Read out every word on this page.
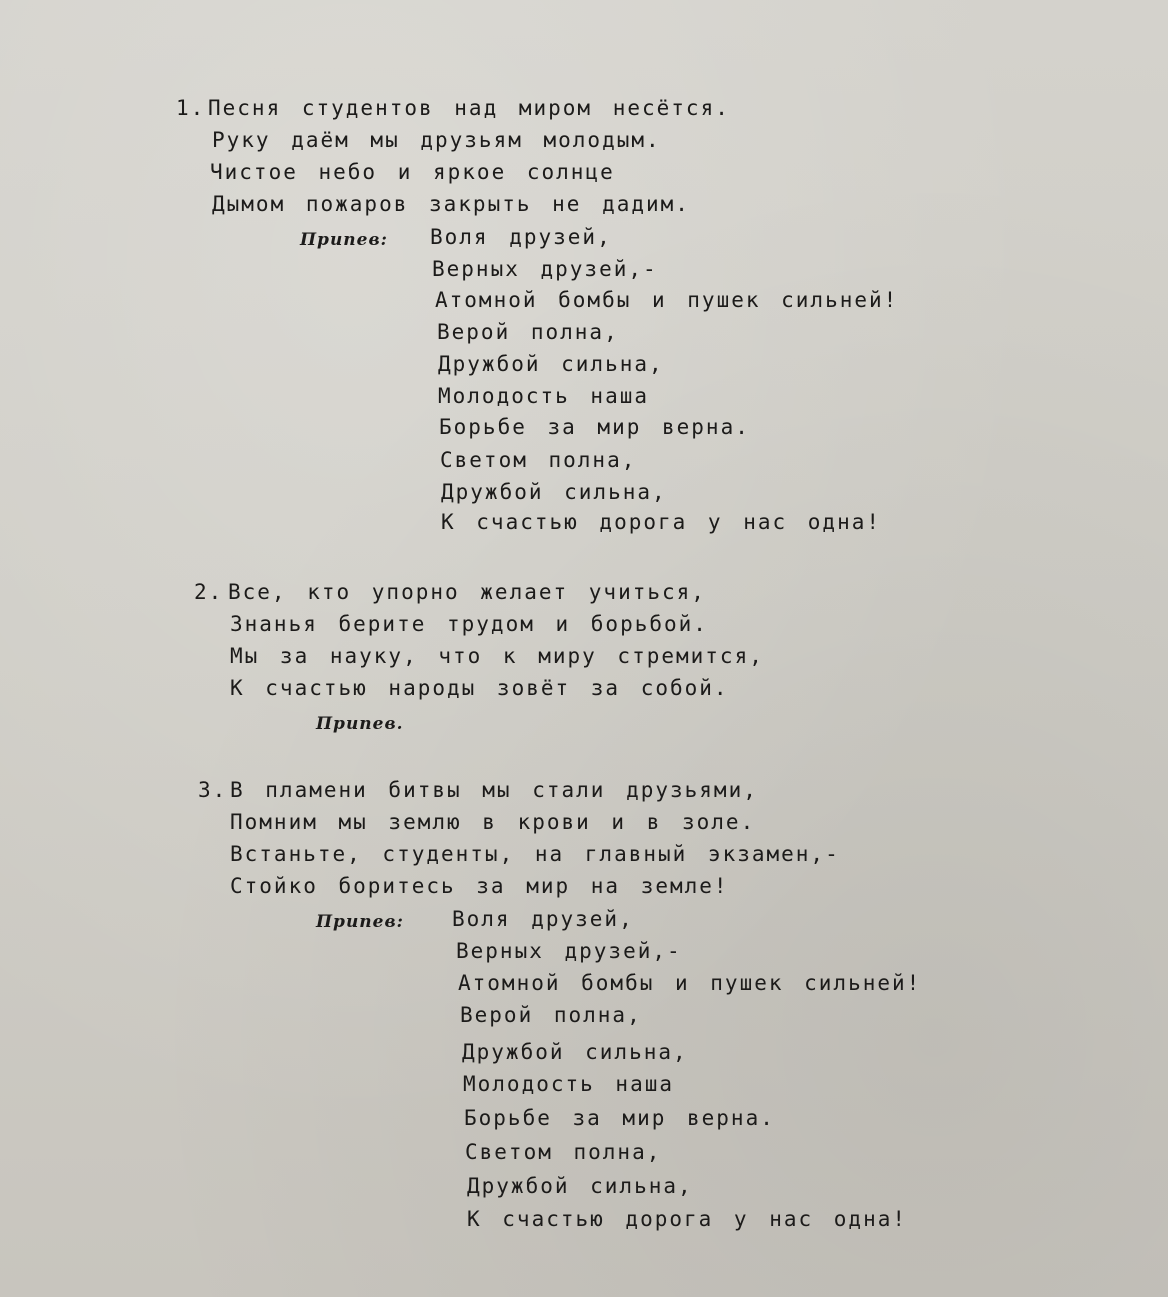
1. Песня студентов над миром несётся.
Руку даём мы друзьям молодым.
Чистое небо и яркое солнце
Дымом пожаров закрыть не дадим.
Припев: Воля друзей,
Верных друзей,-
Атомной бомбы и пушек сильней!
Верой полна,
Дружбой сильна,
Молодость наша
Борьбе за мир верна.
Светом полна,
Дружбой сильна,
К счастью дорога у нас одна!
2. Все, кто упорно желает учиться,
Знанья берите трудом и борьбой.
Мы за науку, что к миру стремится,
К счастью народы зовёт за собой.
Припев.
3. В пламени битвы мы стали друзьями,
Помним мы землю в крови и в золе.
Встаньте, студенты, на главный экзамен,-
Стойко боритесь за мир на земле!
Припев: Воля друзей,
Верных друзей,-
Атомной бомбы и пушек сильней!
Верой полна,
Дружбой сильна,
Молодость наша
Борьбе за мир верна.
Светом полна,
Дружбой сильна,
К счастью дорога у нас одна!
